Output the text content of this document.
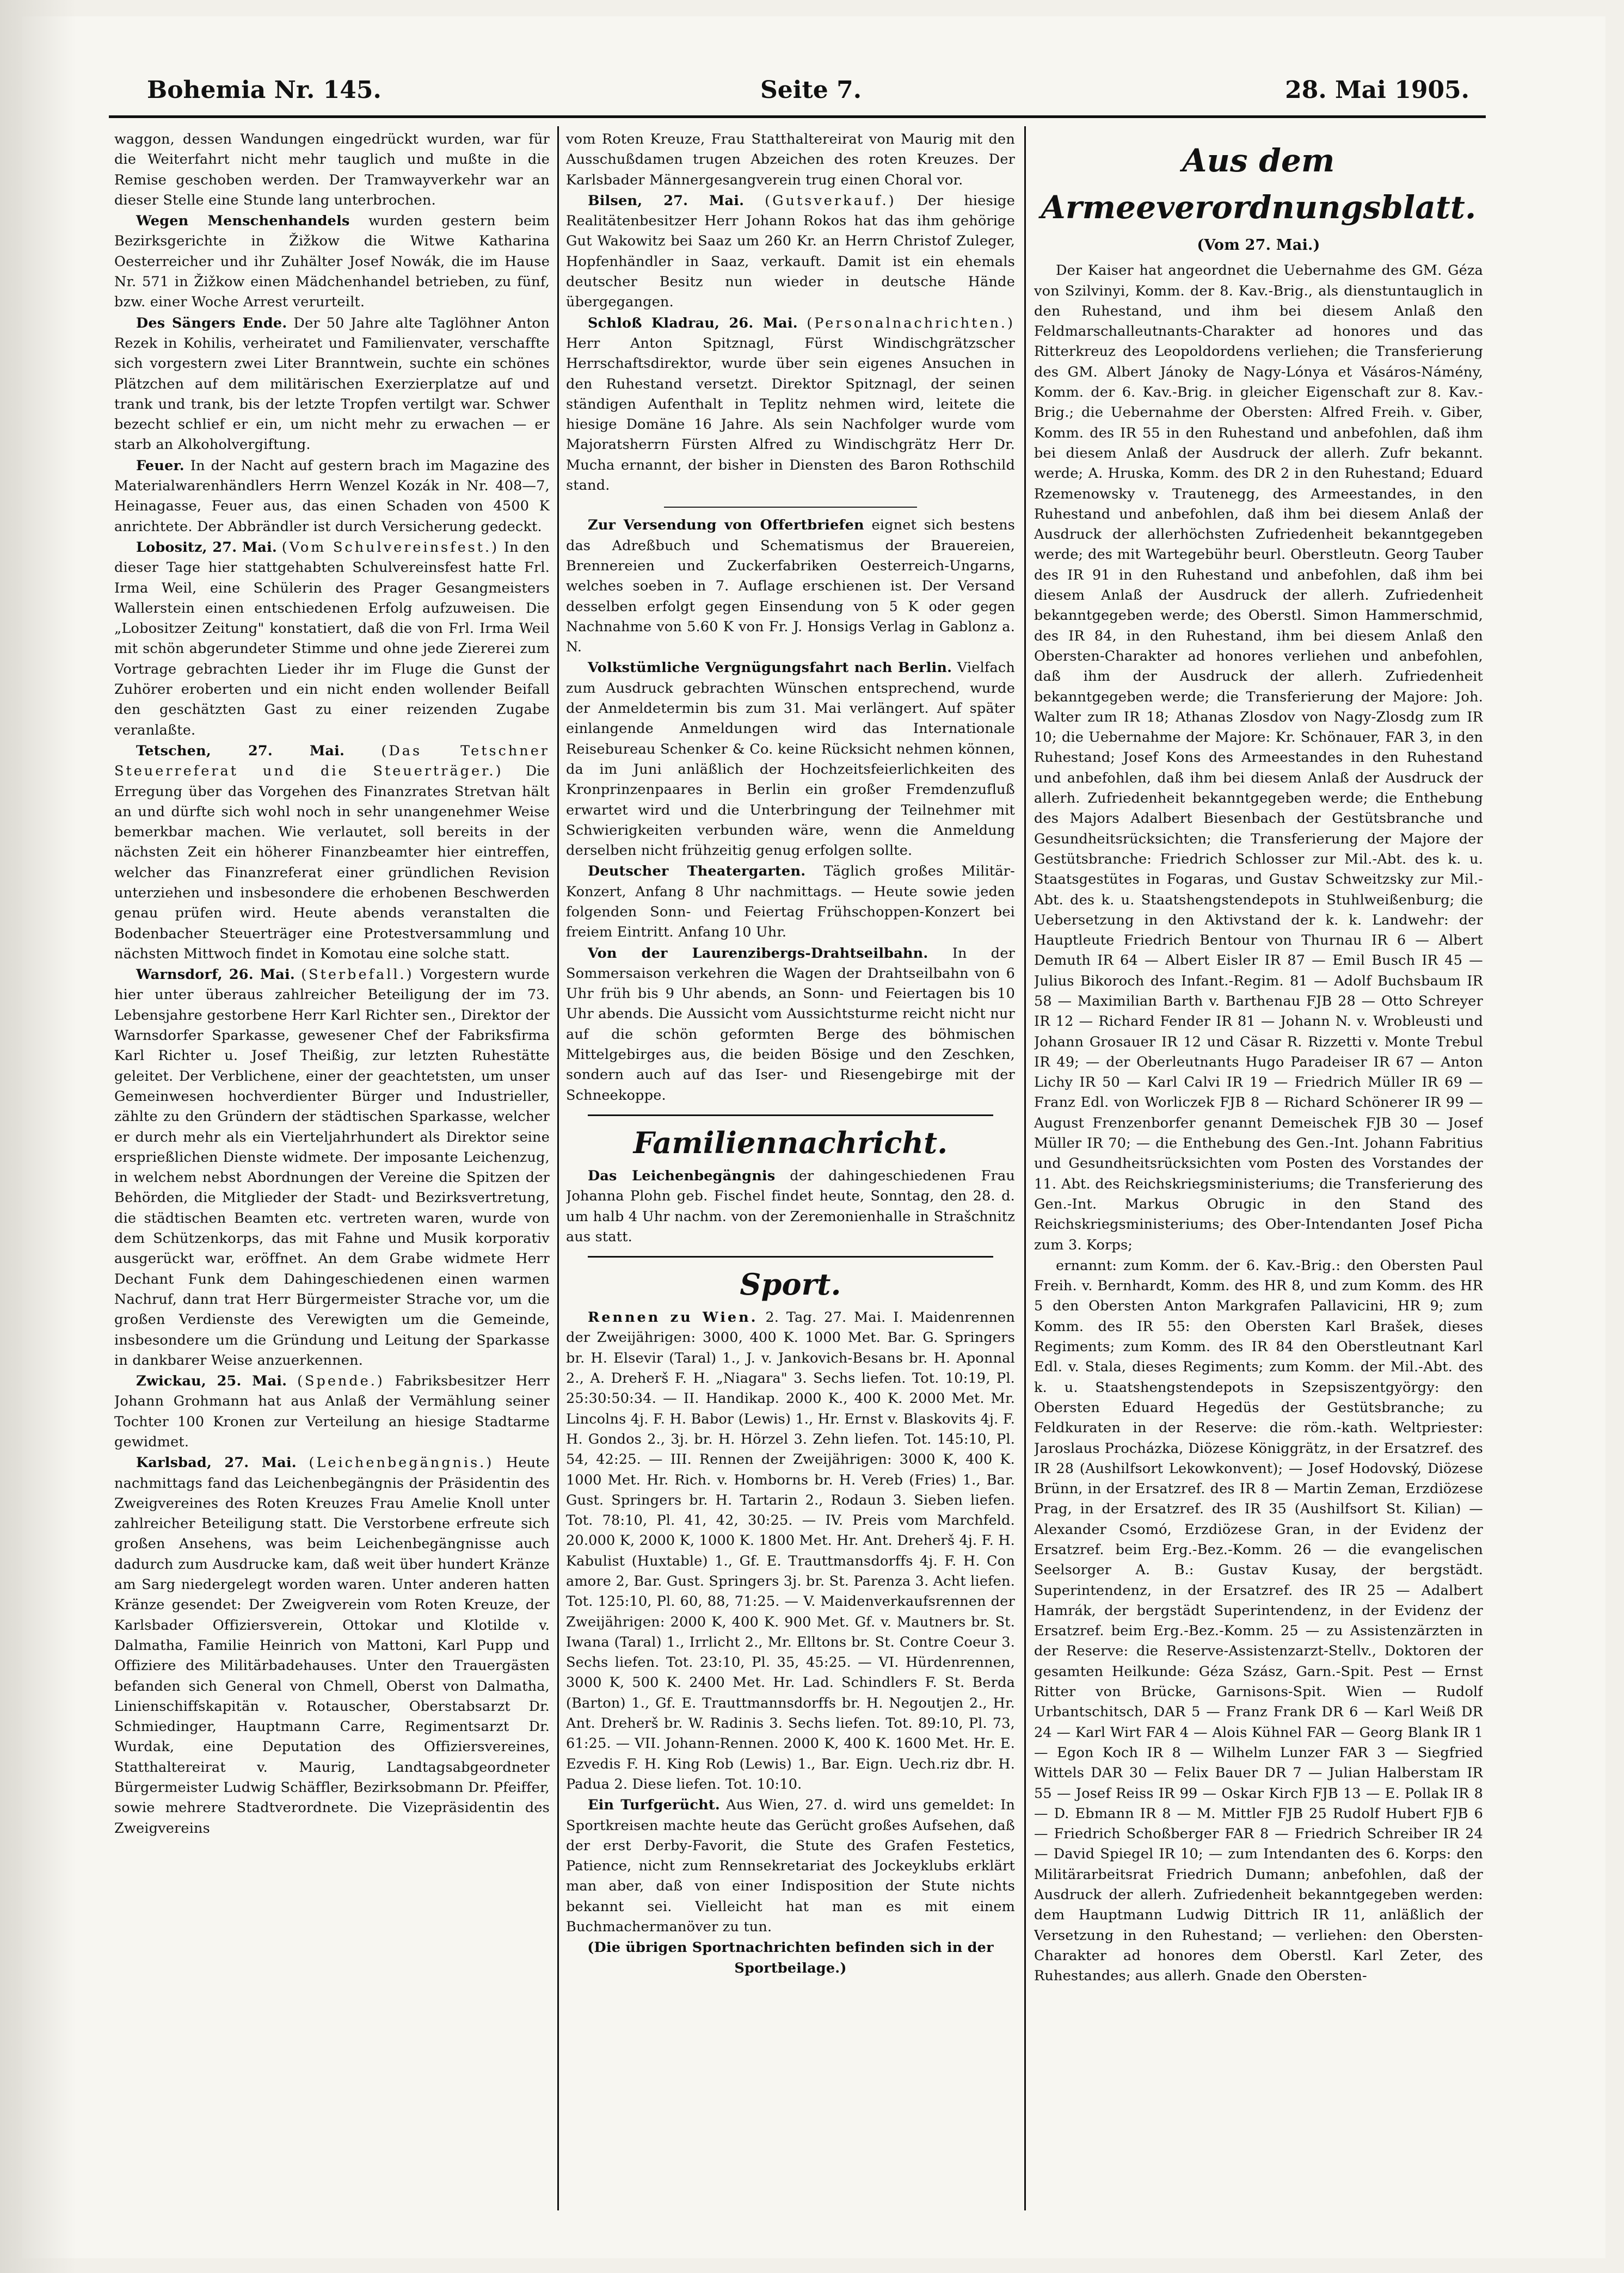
Bohemia Nr. 145.	Seite 7.	28. Mai 1905.

waggon, dessen Wandungen eingedrückt wurden, war für die Weiterfahrt nicht mehr tauglich und mußte in die Remise geschoben werden. Der Tramwayverkehr war an dieser Stelle eine Stunde lang unterbrochen.

Wegen Menschenhandels wurden gestern beim Bezirksgerichte in Žižkow die Witwe Katharina Oesterreicher und ihr Zuhälter Josef Nowák, die im Hause Nr. 571 in Žižkow einen Mädchenhandel betrieben, zu fünf, bzw. einer Woche Arrest verurteilt.

Des Sängers Ende. Der 50 Jahre alte Taglöhner Anton Rezek in Kohilis, verheiratet und Familienvater, verschaffte sich vorgestern zwei Liter Branntwein, suchte ein schönes Plätzchen auf dem militärischen Exerzierplatze auf und trank und trank, bis der letzte Tropfen vertilgt war. Schwer bezecht schlief er ein, um nicht mehr zu erwachen — er starb an Alkoholvergiftung.

Feuer. In der Nacht auf gestern brach im Magazine des Materialwarenhändlers Herrn Wenzel Kozák in Nr. 408—7, Heinagasse, Feuer aus, das einen Schaden von 4500 K anrichtete. Der Abbrändler ist durch Versicherung gedeckt.

Lobositz, 27. Mai. (Vom Schulvereinsfest.) In den dieser Tage hier stattgehabten Schulvereinsfest hatte Frl. Irma Weil, eine Schülerin des Prager Gesangmeisters Wallerstein einen entschiedenen Erfolg aufzuweisen. Die „Lobositzer Zeitung" konstatiert, daß die von Frl. Irma Weil mit schön abgerundeter Stimme und ohne jede Ziererei zum Vortrage gebrachten Lieder ihr im Fluge die Gunst der Zuhörer eroberten und ein nicht enden wollender Beifall den geschätzten Gast zu einer reizenden Zugabe veranlaßte.

Tetschen, 27. Mai.	(Das Tetschner Steuerreferat und die Steuerträger.) Die Erregung über das Vorgehen des Finanzrates Stretvan hält an und dürfte sich wohl noch in sehr unangenehmer Weise bemerkbar machen. Wie verlautet, soll bereits in der nächsten Zeit ein höherer Finanzbeamter hier eintreffen, welcher das Finanzreferat einer gründlichen Revision unterziehen und insbesondere die erhobenen Beschwerden genau prüfen wird. Heute abends veranstalten die Bodenbacher Steuerträger eine Protestversammlung und nächsten Mittwoch findet in Komotau eine solche statt.

Warnsdorf, 26. Mai. (Sterbefall.) Vorgestern wurde hier unter überaus zahlreicher Beteiligung der im 73. Lebensjahre gestorbene Herr Karl Richter sen., Direktor der Warnsdorfer Sparkasse, gewesener Chef der Fabriksfirma Karl Richter u. Josef Theißig, zur letzten Ruhestätte geleitet. Der Verblichene, einer der geachtetsten, um unser Gemeinwesen hochverdienter Bürger und Industrieller, zählte zu den Gründern der städtischen Sparkasse, welcher er durch mehr als ein Vierteljahrhundert als Direktor seine ersprießlichen Dienste widmete. Der imposante Leichenzug, in welchem nebst Abordnungen der Vereine die Spitzen der Behörden, die Mitglieder der Stadt- und Bezirksvertretung, die städtischen Beamten etc. vertreten waren, wurde von dem Schützenkorps, das mit Fahne und Musik korporativ ausgerückt war, eröffnet. An dem Grabe widmete Herr Dechant Funk dem Dahingeschiedenen einen warmen Nachruf, dann trat Herr Bürgermeister Strache vor, um die großen Verdienste des Verewigten um die Gemeinde, insbesondere um die Gründung und Leitung der Sparkasse in dankbarer Weise anzuerkennen.

Zwickau, 25. Mai. (Spende.) Fabriksbesitzer Herr Johann Grohmann hat aus Anlaß der Vermählung seiner Tochter 100 Kronen zur Verteilung an hiesige Stadtarme gewidmet.

Karlsbad, 27. Mai. (Leichenbegängnis.) Heute nachmittags fand das Leichenbegängnis der Präsidentin des Zweigvereines des Roten Kreuzes Frau Amelie Knoll unter zahlreicher Beteiligung statt. Die Verstorbene erfreute sich großen Ansehens, was beim Leichenbegängnisse auch dadurch zum Ausdrucke kam, daß weit über hundert Kränze am Sarg niedergelegt worden waren. Unter anderen hatten Kränze gesendet: Der Zweigverein vom Roten Kreuze, der Karlsbader Offiziersverein, Ottokar und Klotilde v. Dalmatha, Familie Heinrich von Mattoni, Karl Pupp und Offiziere des Militärbadehauses. Unter den Trauergästen befanden sich General von Chmell, Oberst von Dalmatha, Linienschiffskapitän v. Rotauscher, Oberstabsarzt Dr. Schmiedinger, Hauptmann Carre, Regimentsarzt Dr. Wurdak, eine Deputation des Offiziersvereines, Statthaltereirat v. Maurig, Landtagsabgeordneter Bürgermeister Ludwig Schäffler, Bezirksobmann Dr. Pfeiffer, sowie mehrere Stadtverordnete. Die Vizepräsidentin des Zweigvereins

vom Roten Kreuze, Frau Statthaltereirat von Maurig mit den Ausschußdamen trugen Abzeichen des roten Kreuzes. Der Karlsbader Männergesangverein trug einen Choral vor.

Bilsen, 27. Mai. (Gutsverkauf.) Der hiesige Realitätenbesitzer Herr Johann Rokos hat das ihm gehörige Gut Wakowitz bei Saaz um 260 Kr. an Herrn Christof Zuleger, Hopfenhändler in Saaz, verkauft. Damit ist ein ehemals deutscher Besitz nun wieder in deutsche Hände übergegangen.

Schloß Kladrau, 26. Mai. (Personalnachrichten.) Herr Anton Spitznagl, Fürst Windischgrätzscher Herrschaftsdirektor, wurde über sein eigenes Ansuchen in den Ruhestand versetzt. Direktor Spitznagl, der seinen ständigen Aufenthalt in Teplitz nehmen wird, leitete die hiesige Domäne 16 Jahre. Als sein Nachfolger wurde vom Majoratsherrn Fürsten Alfred zu Windischgrätz Herr Dr. Mucha ernannt, der bisher in Diensten des Baron Rothschild stand.

Zur Versendung von Offertbriefen eignet sich bestens das Adreßbuch und Schematismus der Brauereien, Brennereien und Zuckerfabriken Oesterreich-Ungarns, welches soeben in 7. Auflage erschienen ist. Der Versand desselben erfolgt gegen Einsendung von 5 K oder gegen Nachnahme von 5.60 K von Fr. J. Honsigs Verlag in Gablonz a. N.

Volkstümliche Vergnügungsfahrt nach Berlin. Vielfach zum Ausdruck gebrachten Wünschen entsprechend, wurde der Anmeldetermin bis zum 31. Mai verlängert. Auf später einlangende Anmeldungen wird das Internationale Reisebureau Schenker & Co. keine Rücksicht nehmen können, da im Juni anläßlich der Hochzeitsfeierlichkeiten des Kronprinzenpaares in Berlin ein großer Fremdenzufluß erwartet wird und die Unterbringung der Teilnehmer mit Schwierigkeiten verbunden wäre, wenn die Anmeldung derselben nicht frühzeitig genug erfolgen sollte.

Deutscher Theatergarten. Täglich großes Militär-Konzert, Anfang 8 Uhr nachmittags. — Heute sowie jeden folgenden Sonn- und Feiertag Frühschoppen-Konzert bei freiem Eintritt. Anfang 10 Uhr.

Von der Laurenzibergs-Drahtseilbahn. In der Sommersaison verkehren die Wagen der Drahtseilbahn von 6 Uhr früh bis 9 Uhr abends, an Sonn- und Feiertagen bis 10 Uhr abends. Die Aussicht vom Aussichtsturme reicht nicht nur auf die schön geformten Berge des böhmischen Mittelgebirges aus, die beiden Bösige und den Zeschken, sondern auch auf das Iser- und Riesengebirge mit der Schneekoppe.

Familiennachricht.

Das Leichenbegängnis der dahingeschiedenen Frau Johanna Plohn geb. Fischel findet heute, Sonntag, den 28. d. um halb 4 Uhr nachm. von der Zeremonienhalle in Strašchnitz aus statt.

Sport.

Rennen zu Wien. 2. Tag. 27. Mai. I. Maidenrennen der Zweijährigen: 3000, 400 K. 1000 Met. Bar. G. Springers br. H. Elsevir (Taral) 1., J. v. Jankovich-Besans br. H. Aponnal 2., A. Dreherš F. H. „Niagara" 3. Sechs liefen. Tot. 10:19, Pl. 25:30:50:34. — II. Handikap. 2000 K., 400 K. 2000 Met. Mr. Lincolns 4j. F. H. Babor (Lewis) 1., Hr. Ernst v. Blaskovits 4j. F. H. Gondos 2., 3j. br. H. Hörzel 3. Zehn liefen. Tot. 145:10, Pl. 54, 42:25. — III. Rennen der Zweijährigen: 3000 K, 400 K. 1000 Met. Hr. Rich. v. Homborns br. H. Vereb (Fries) 1., Bar. Gust. Springers br. H. Tartarin 2., Rodaun 3. Sieben liefen. Tot. 78:10, Pl. 41, 42, 30:25. — IV. Preis vom Marchfeld. 20.000 K, 2000 K, 1000 K. 1800 Met. Hr. Ant. Dreherš 4j. F. H. Kabulist (Huxtable) 1., Gf. E. Trauttmansdorffs 4j. F. H. Con amore 2, Bar. Gust. Springers 3j. br. St. Parenza 3. Acht liefen. Tot. 125:10, Pl. 60, 88, 71:25. — V. Maidenverkaufsrennen der Zweijährigen: 2000 K, 400 K. 900 Met. Gf. v. Mautners br. St. Iwana (Taral) 1., Irrlicht 2., Mr. Elltons br. St. Contre Coeur 3. Sechs liefen. Tot. 23:10, Pl. 35, 45:25. — VI. Hürdenrennen, 3000 K, 500 K. 2400 Met. Hr. Lad. Schindlers F. St. Berda (Barton) 1., Gf. E. Trauttmannsdorffs br. H. Negoutjen 2., Hr. Ant. Dreherš br. W. Radinis 3. Sechs liefen. Tot. 89:10, Pl. 73, 61:25. — VII. Johann-Rennen. 2000 K, 400 K. 1600 Met. Hr. E. Ezvedis F. H. King Rob (Lewis) 1., Bar. Eign. Uech.riz dbr. H. Padua 2. Diese liefen. Tot. 10:10.

Ein Turfgerücht. Aus Wien, 27. d. wird uns gemeldet: In Sportkreisen machte heute das Gerücht großes Aufsehen, daß der erst Derby-Favorit, die Stute des Grafen Festetics, Patience, nicht zum Rennsekretariat des Jockeyklubs erklärt man aber, daß von einer Indisposition der Stute nichts bekannt sei. Vielleicht hat man es mit einem Buchmachermanöver zu tun.

(Die übrigen Sportnachrichten befinden sich in der Sportbeilage.)

Aus dem Armeeverordnungsblatt.
(Vom 27. Mai.)

Der Kaiser hat angeordnet die Uebernahme des GM. Géza von Szilvinyi, Komm. der 8. Kav.-Brig., als dienstuntauglich in den Ruhestand, und ihm bei diesem Anlaß den Feldmarschalleutnants-Charakter ad honores und das Ritterkreuz des Leopoldordens verliehen; die Transferierung des GM. Albert Jánoky de Nagy-Lónya et Vásáros-Námény, Komm. der 6. Kav.-Brig. in gleicher Eigenschaft zur 8. Kav.-Brig.; die Uebernahme der Obersten: Alfred Freih. v. Giber, Komm. des IR 55 in den Ruhestand und anbefohlen, daß ihm bei diesem Anlaß der Ausdruck der allerh. Zufr bekannt. werde; A. Hruska, Komm. des DR 2 in den Ruhestand; Eduard Rzemenowsky v. Trautenegg, des Armeestandes, in den Ruhestand und anbefohlen, daß ihm bei diesem Anlaß der Ausdruck der allerhöchsten Zufriedenheit bekanntgegeben werde; des mit Wartegebühr beurl. Oberstleutn. Georg Tauber des IR 91 in den Ruhestand und anbefohlen, daß ihm bei diesem Anlaß der Ausdruck der allerh. Zufriedenheit bekanntgegeben werde; des Oberstl. Simon Hammerschmid, des IR 84, in den Ruhestand, ihm bei diesem Anlaß den Obersten-Charakter ad honores verliehen und anbefohlen, daß ihm der Ausdruck der allerh. Zufriedenheit bekanntgegeben werde; die Transferierung der Majore: Joh. Walter zum IR 18; Athanas Zlosdov von Nagy-Zlosdg zum IR 10; die Uebernahme der Majore: Kr. Schönauer, FAR 3, in den Ruhestand; Josef Kons des Armeestandes in den Ruhestand und anbefohlen, daß ihm bei diesem Anlaß der Ausdruck der allerh. Zufriedenheit bekanntgegeben werde; die Enthebung des Majors Adalbert Biesenbach der Gestütsbranche und Gesundheitsrücksichten; die Transferierung der Majore der Gestütsbranche: Friedrich Schlosser zur Mil.-Abt. des k. u. Staatsgestütes in Fogaras, und Gustav Schweitzsky zur Mil.-Abt. des k. u. Staatshengstendepots in Stuhlweißenburg; die Uebersetzung in den Aktivstand der k. k. Landwehr: der Hauptleute Friedrich Bentour von Thurnau IR 6 — Albert Demuth IR 64 — Albert Eisler IR 87 — Emil Busch IR 45 — Julius Bikoroch des Infant.-Regim. 81 — Adolf Buchsbaum IR 58 — Maximilian Barth v. Barthenau FJB 28 — Otto Schreyer IR 12 — Richard Fender IR 81 — Johann N. v. Wrobleusti und Johann Grosauer IR 12 und Cäsar R. Rizzetti v. Monte Trebul IR 49; — der Oberleutnants Hugo Paradeiser IR 67 — Anton Lichy IR 50 — Karl Calvi IR 19 — Friedrich Müller IR 69 — Franz Edl. von Worliczek FJB 8 — Richard Schönerer IR 99 — August Frenzenborfer genannt Demeischek FJB 30 — Josef Müller IR 70; — die Enthebung des Gen.-Int. Johann Fabritius und Gesundheitsrücksichten vom Posten des Vorstandes der 11. Abt. des Reichskriegsministeriums; die Transferierung des Gen.-Int. Markus Obrugic in den Stand des Reichskriegsministeriums; des Ober-Intendanten Josef Picha zum 3. Korps;

ernannt: zum Komm. der 6. Kav.-Brig.: den Obersten Paul Freih. v. Bernhardt, Komm. des HR 8, und zum Komm. des HR 5 den Obersten Anton Markgrafen Pallavicini, HR 9; zum Komm. des IR 55: den Obersten Karl Brašek, dieses Regiments; zum Komm. des IR 84 den Oberstleutnant Karl Edl. v. Stala, dieses Regiments; zum Komm. der Mil.-Abt. des k. u. Staatshengstendepots in Szepsiszentgyörgy: den Obersten Eduard Hegedüs der Gestütsbranche; zu Feldkuraten in der Reserve: die röm.-kath. Weltpriester: Jaroslaus Procházka, Diözese Königgrätz, in der Ersatzref. des IR 28 (Aushilfsort Lekowkonvent); — Josef Hodovský, Diözese Brünn, in der Ersatzref. des IR 8 — Martin Zeman, Erzdiözese Prag, in der Ersatzref. des IR 35 (Aushilfsort St. Kilian) — Alexander Csomó, Erzdiözese Gran, in der Evidenz der Ersatzref. beim Erg.-Bez.-Komm. 26 — die evangelischen Seelsorger A. B.: Gustav Kusay, der bergstädt. Superintendenz, in der Ersatzref. des IR 25 — Adalbert Hamrák, der bergstädt Superintendenz, in der Evidenz der Ersatzref. beim Erg.-Bez.-Komm. 25 — zu Assistenzärzten in der Reserve: die Reserve-Assistenzarzt-Stellv., Doktoren der gesamten Heilkunde: Géza Szász, Garn.-Spit. Pest — Ernst Ritter von Brücke, Garnisons-Spit. Wien — Rudolf Urbantschitsch, DAR 5 — Franz Frank DR 6 — Karl Weiß DR 24 — Karl Wirt FAR 4 — Alois Kühnel FAR — Georg Blank IR 1 — Egon Koch IR 8 — Wilhelm Lunzer FAR 3 — Siegfried Wittels DAR 30 — Felix Bauer DR 7 — Julian Halberstam IR 55 — Josef Reiss IR 99 — Oskar Kirch FJB 13 — E. Pollak IR 8 — D. Ebmann IR 8 — M. Mittler FJB 25 Rudolf Hubert FJB 6 — Friedrich Schoßberger FAR 8 — Friedrich Schreiber IR 24 — David Spiegel IR 10; — zum Intendanten des 6. Korps: den Militärarbeitsrat Friedrich Dumann; anbefohlen, daß der Ausdruck der allerh. Zufriedenheit bekanntgegeben werden: dem Hauptmann Ludwig Dittrich IR 11, anläßlich der Versetzung in den Ruhestand; — verliehen: den Obersten-Charakter ad honores dem Oberstl. Karl Zeter, des Ruhestandes; aus allerh. Gnade den Obersten-
